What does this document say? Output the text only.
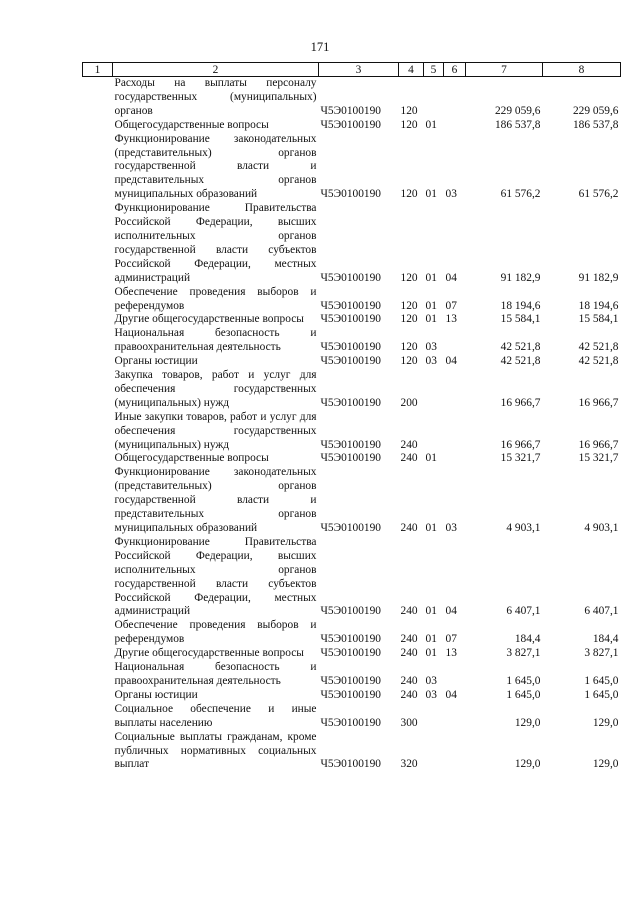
171
1	2	3	4	5	6	7	8

	Расходы на выплаты персоналу государственных (муниципальных) органов	Ч5Э0100190	120			229 059,6	229 059,6

	Общегосударственные вопросы	Ч5Э0100190	120	01		186 537,8	186 537,8

	Функционирование законодательных (представительных) органов государственной власти и представительных органов муниципальных образований	Ч5Э0100190	120	01	03	61 576,2	61 576,2

	Функционирование Правительства Российской Федерации, высших исполнительных органов государственной власти субъектов Российской Федерации, местных администраций	Ч5Э0100190	120	01	04	91 182,9	91 182,9

	Обеспечение проведения выборов и референдумов	Ч5Э0100190	120	01	07	18 194,6	18 194,6

	Другие общегосударственные вопросы	Ч5Э0100190	120	01	13	15 584,1	15 584,1

	Национальная безопасность и правоохранительная деятельность	Ч5Э0100190	120	03		42 521,8	42 521,8

	Органы юстиции	Ч5Э0100190	120	03	04	42 521,8	42 521,8

	Закупка товаров, работ и услуг для обеспечения государственных (муниципальных) нужд	Ч5Э0100190	200			16 966,7	16 966,7

	Иные закупки товаров, работ и услуг для обеспечения государственных (муниципальных) нужд	Ч5Э0100190	240			16 966,7	16 966,7

	Общегосударственные вопросы	Ч5Э0100190	240	01		15 321,7	15 321,7

	Функционирование законодательных (представительных) органов государственной власти и представительных органов муниципальных образований	Ч5Э0100190	240	01	03	4 903,1	4 903,1

	Функционирование Правительства Российской Федерации, высших исполнительных органов государственной власти субъектов Российской Федерации, местных администраций	Ч5Э0100190	240	01	04	6 407,1	6 407,1

	Обеспечение проведения выборов и референдумов	Ч5Э0100190	240	01	07	184,4	184,4

	Другие общегосударственные вопросы	Ч5Э0100190	240	01	13	3 827,1	3 827,1

	Национальная безопасность и правоохранительная деятельность	Ч5Э0100190	240	03		1 645,0	1 645,0

	Органы юстиции	Ч5Э0100190	240	03	04	1 645,0	1 645,0

	Социальное обеспечение и иные выплаты населению	Ч5Э0100190	300			129,0	129,0

	Социальные выплаты гражданам, кроме публичных нормативных социальных выплат	Ч5Э0100190	320			129,0	129,0
